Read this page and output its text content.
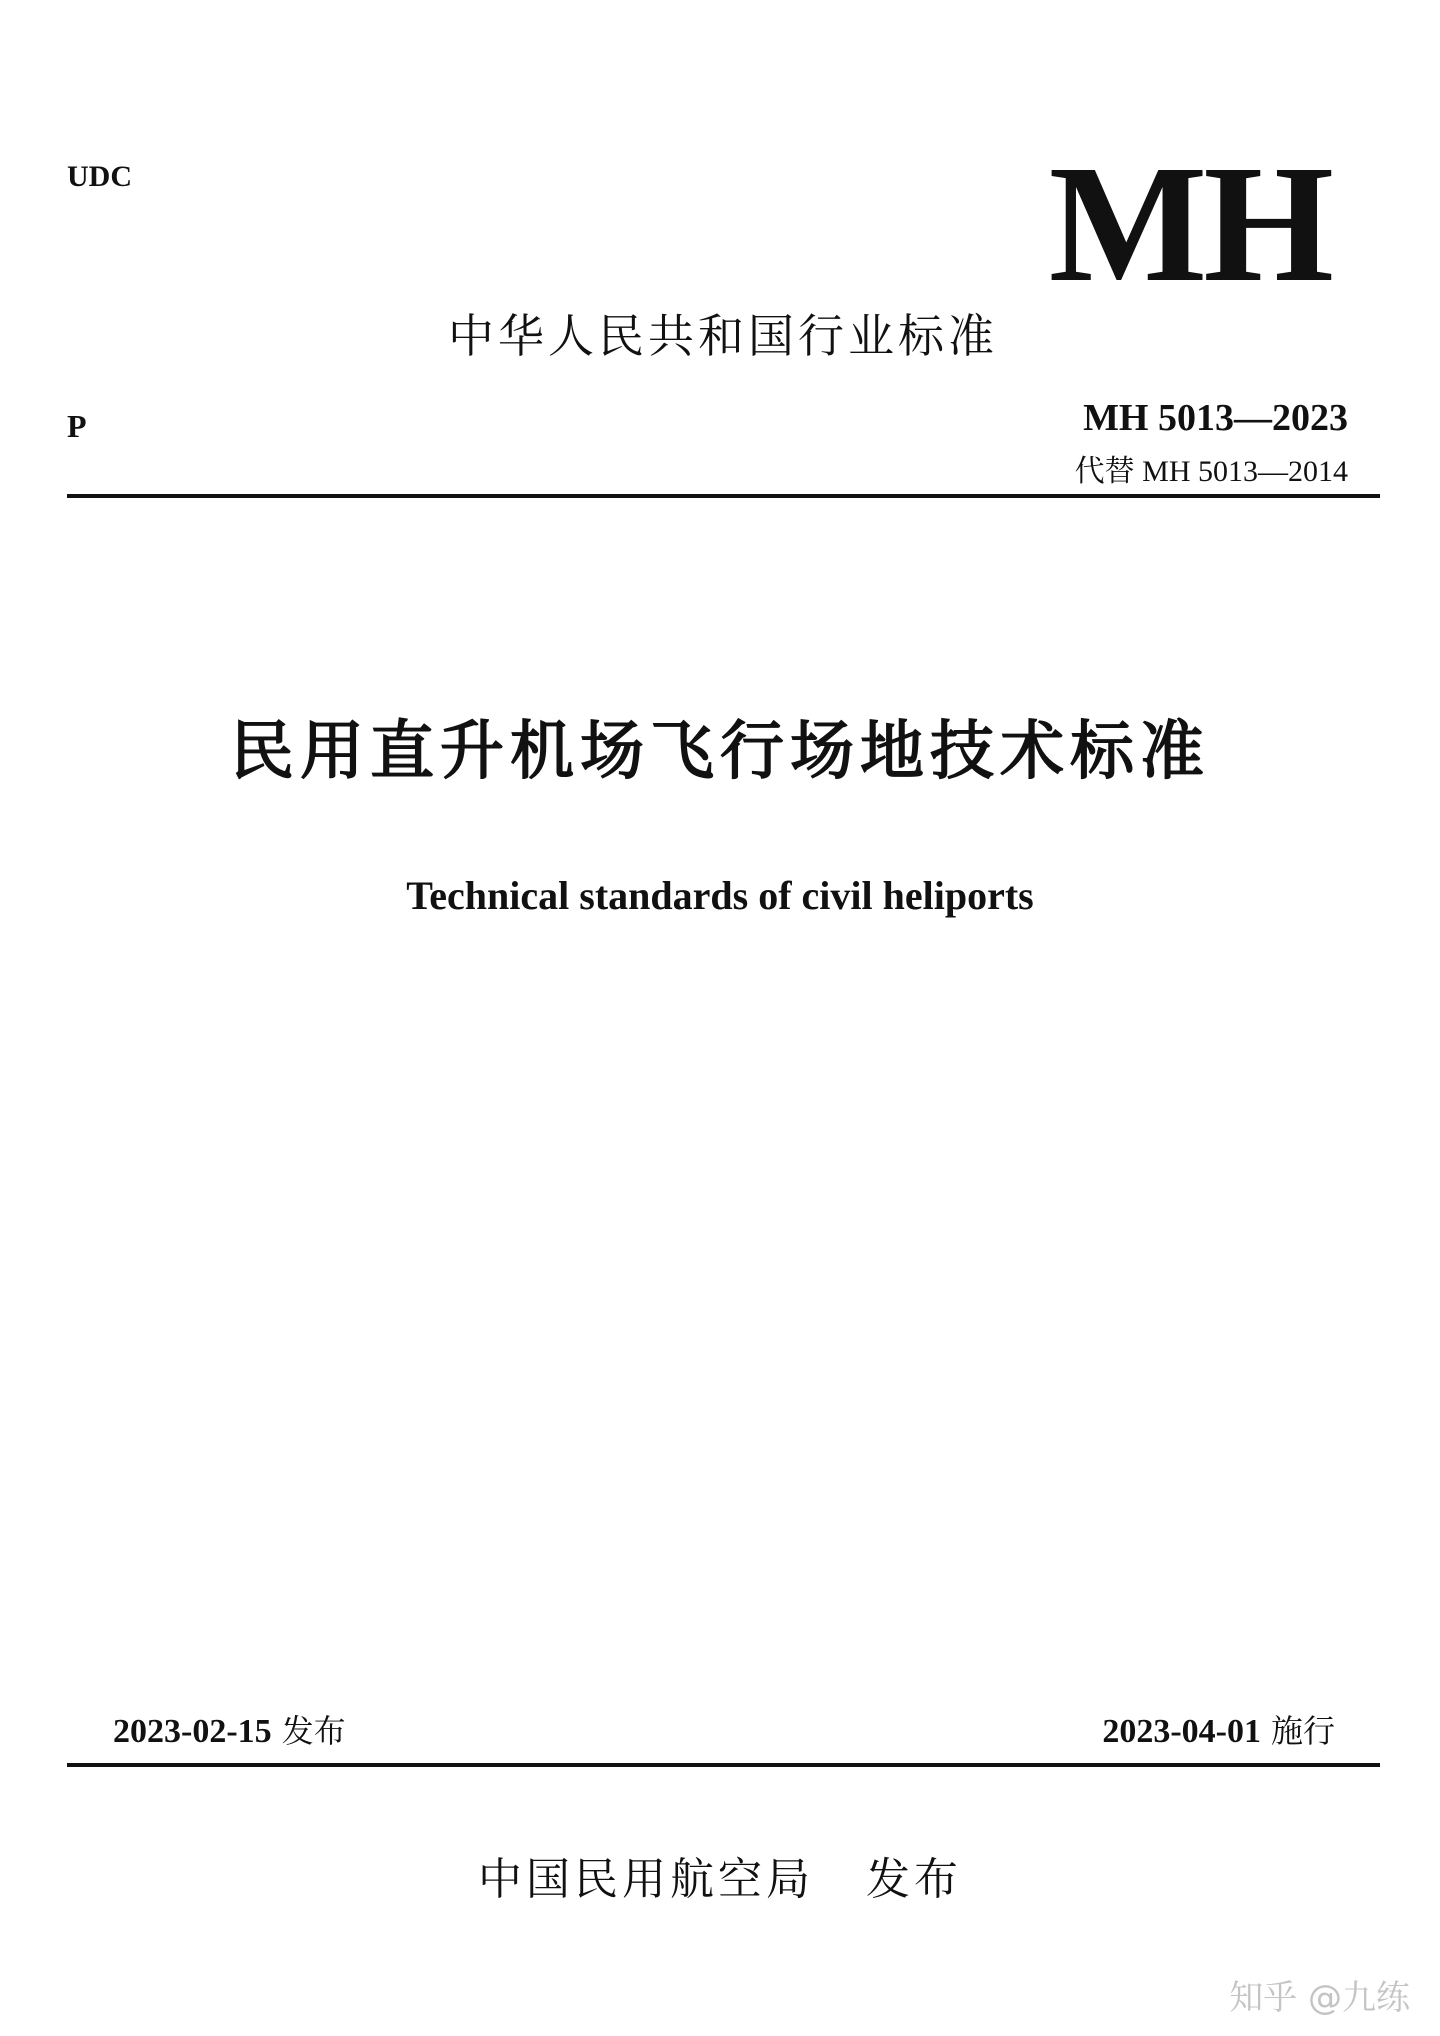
UDC	MH
中华人民共和国行业标准
P	MH 5013—2023
代替 MH 5013—2014
民用直升机场飞行场地技术标准
Technical standards of civil heliports
2023-02-15 发布	2023-04-01 施行
中国民用航空局 发布
知乎 @九练
